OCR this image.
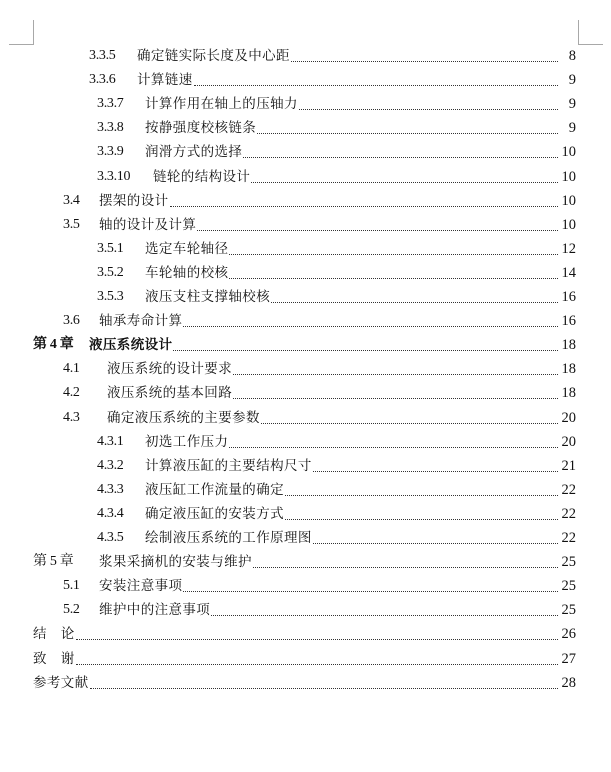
3.3.5 确定链实际长度及中心距	8
3.3.6 计算链速	9
3.3.7 计算作用在轴上的压轴力	9
3.3.8 按静强度校核链条	9
3.3.9 润滑方式的选择	10
3.3.10 链轮的结构设计	10
3.4 摆架的设计	10
3.5 轴的设计及计算	10
3.5.1 选定车轮轴径	12
3.5.2 车轮轴的校核	14
3.5.3 液压支柱支撑轴校核	16
3.6 轴承寿命计算	16
第 4 章 液压系统设计	18
4.1 液压系统的设计要求	18
4.2 液压系统的基本回路	18
4.3 确定液压系统的主要参数	20
4.3.1 初选工作压力	20
4.3.2 计算液压缸的主要结构尺寸	21
4.3.3 液压缸工作流量的确定	22
4.3.4 确定液压缸的安装方式	22
4.3.5 绘制液压系统的工作原理图	22
第 5 章 浆果采摘机的安装与维护	25
5.1 安装注意事项	25
5.2 维护中的注意事项	25
结　论	26
致　谢	27
参考文献	28
